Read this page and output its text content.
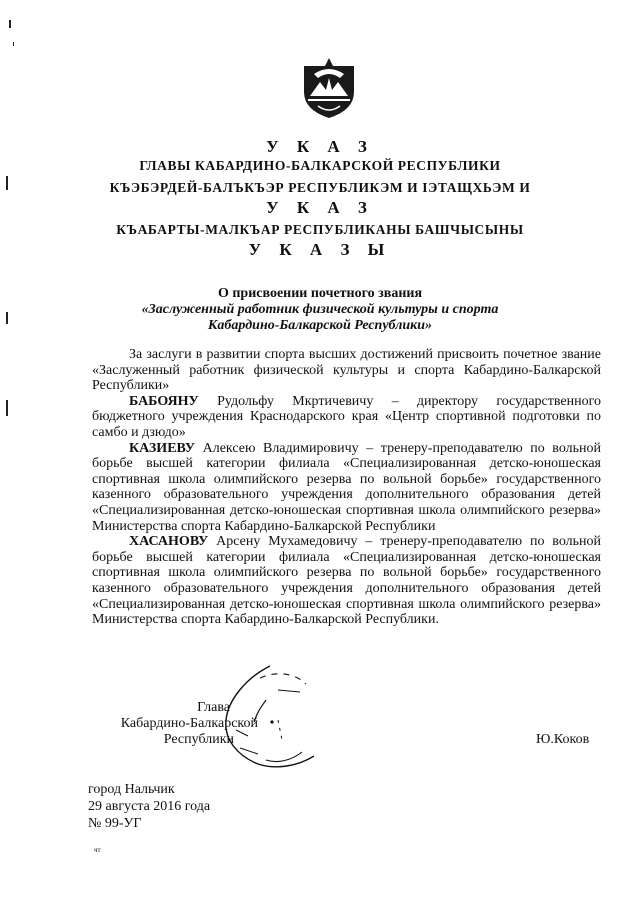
У К А З
ГЛАВЫ КАБАРДИНО-БАЛКАРСКОЙ РЕСПУБЛИКИ
КЪЭБЭРДЕЙ-БАЛЪКЪЭР РЕСПУБЛИКЭМ И ІЭТАЩХЬЭМ И
У К А З
КЪАБАРТЫ-МАЛКЪАР РЕСПУБЛИКАНЫ БАШЧЫСЫНЫ
У К А З Ы
О присвоении почетного звания
«Заслуженный работник физической культуры и спорта
Кабардино-Балкарской Республики»

За заслуги в развитии спорта высших достижений присвоить почетное звание «Заслуженный работник физической культуры и спорта Кабардино-Балкарской Республики»

БАБОЯНУ Рудольфу Мкртичевичу – директору государственного бюджетного учреждения Краснодарского края «Центр спортивной подготовки по самбо и дзюдо»

КАЗИЕВУ Алексею Владимировичу – тренеру-преподавателю по вольной борьбе высшей категории филиала «Специализированная детско-юношеская спортивная школа олимпийского резерва по вольной борьбе» государственного казенного образовательного учреждения дополнительного образования детей «Специализированная детско-юношеская спортивная школа олимпийского резерва» Министерства спорта Кабардино-Балкарской Республики

ХАСАНОВУ Арсену Мухамедовичу – тренеру-преподавателю по вольной борьбе высшей категории филиала «Специализированная детско-юношеская спортивная школа олимпийского резерва по вольной борьбе» государственного казенного образовательного учреждения дополнительного образования детей «Специализированная детско-юношеская спортивная школа олимпийского резерва» Министерства спорта Кабардино-Балкарской Республики.

Глава
Кабардино-Балкарской
Республики	Ю.Коков
город Нальчик
29 августа 2016 года
№ 99-УГ
чт
